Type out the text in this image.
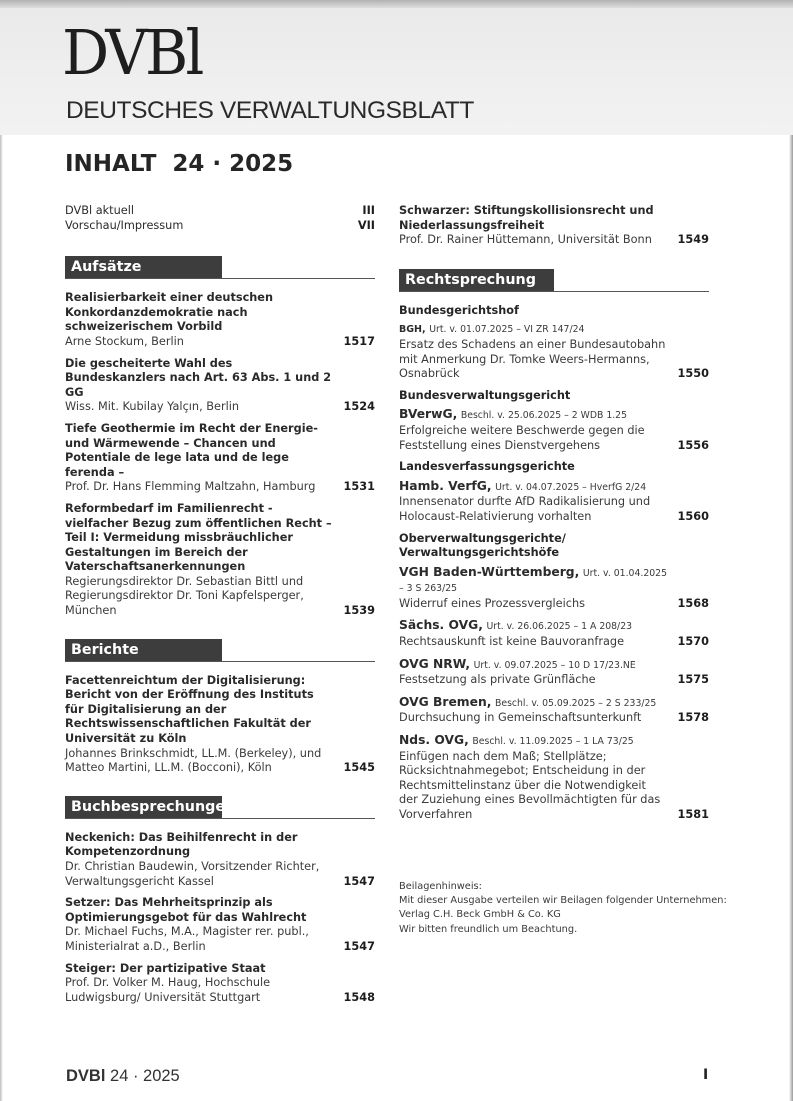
DVBl
DEUTSCHES VERWALTUNGSBLATT
INHALT  24 · 2025
DVBl aktuell	III
Vorschau/Impressum	VII
Aufsätze
Realisierbarkeit einer deutschen Konkordanzdemokratie nach schweizerischem Vorbild
Arne Stockum, Berlin	1517
Die gescheiterte Wahl des Bundeskanzlers nach Art. 63 Abs. 1 und 2 GG
Wiss. Mit. Kubilay Yalçın, Berlin	1524
Tiefe Geothermie im Recht der Energie- und Wärmewende – Chancen und Potentiale de lege lata und de lege ferenda –
Prof. Dr. Hans Flemming Maltzahn, Hamburg	1531
Reformbedarf im Familienrecht - vielfacher Bezug zum öffentlichen Recht – Teil I: Vermeidung missbräuchlicher Gestaltungen im Bereich der Vaterschaftsanerkennungen
Regierungsdirektor Dr. Sebastian Bittl und Regierungsdirektor Dr. Toni Kapfelsperger, München	1539
Berichte
Facettenreichtum der Digitalisierung: Bericht von der Eröffnung des Instituts für Digitalisierung an der Rechtswissenschaftlichen Fakultät der Universität zu Köln
Johannes Brinkschmidt, LL.M. (Berkeley), und Matteo Martini, LL.M. (Bocconi), Köln	1545
Buchbesprechungen
Neckenich: Das Beihilfenrecht in der Kompetenzordnung
Dr. Christian Baudewin, Vorsitzender Richter, Verwaltungsgericht Kassel	1547
Setzer: Das Mehrheitsprinzip als Optimierungsgebot für das Wahlrecht
Dr. Michael Fuchs, M.A., Magister rer. publ., Ministerialrat a.D., Berlin	1547
Steiger: Der partizipative Staat
Prof. Dr. Volker M. Haug, Hochschule Ludwigsburg/ Universität Stuttgart	1548
Schwarzer: Stiftungskollisionsrecht und Niederlassungsfreiheit
Prof. Dr. Rainer Hüttemann, Universität Bonn	1549
Rechtsprechung
Bundesgerichtshof
BGH, Urt. v. 01.07.2025 – VI ZR 147/24
Ersatz des Schadens an einer Bundesautobahn mit Anmerkung Dr. Tomke Weers-Hermanns, Osnabrück	1550
Bundesverwaltungsgericht
BVerwG, Beschl. v. 25.06.2025 – 2 WDB 1.25
Erfolgreiche weitere Beschwerde gegen die Feststellung eines Dienstvergehens	1556
Landesverfassungsgerichte
Hamb. VerfG, Urt. v. 04.07.2025 – HverfG 2/24
Innensenator durfte AfD Radikalisierung und Holocaust-Relativierung vorhalten	1560
Oberverwaltungsgerichte/ Verwaltungsgerichtshöfe
VGH Baden-Württemberg, Urt. v. 01.04.2025 – 3 S 263/25
Widerruf eines Prozessvergleichs	1568
Sächs. OVG, Urt. v. 26.06.2025 – 1 A 208/23
Rechtsauskunft ist keine Bauvoranfrage	1570
OVG NRW, Urt. v. 09.07.2025 – 10 D 17/23.NE
Festsetzung als private Grünfläche	1575
OVG Bremen, Beschl. v. 05.09.2025 – 2 S 233/25
Durchsuchung in Gemeinschaftsunterkunft	1578
Nds. OVG, Beschl. v. 11.09.2025 – 1 LA 73/25
Einfügen nach dem Maß; Stellplätze; Rücksichtnahmegebot; Entscheidung in der Rechtsmittelinstanz über die Notwendigkeit der Zuziehung eines Bevollmächtigten für das Vorverfahren	1581
Beilagenhinweis:
Mit dieser Ausgabe verteilen wir Beilagen folgender Unternehmen:
Verlag C.H. Beck GmbH & Co. KG
Wir bitten freundlich um Beachtung.
DVBl 24 · 2025	I
